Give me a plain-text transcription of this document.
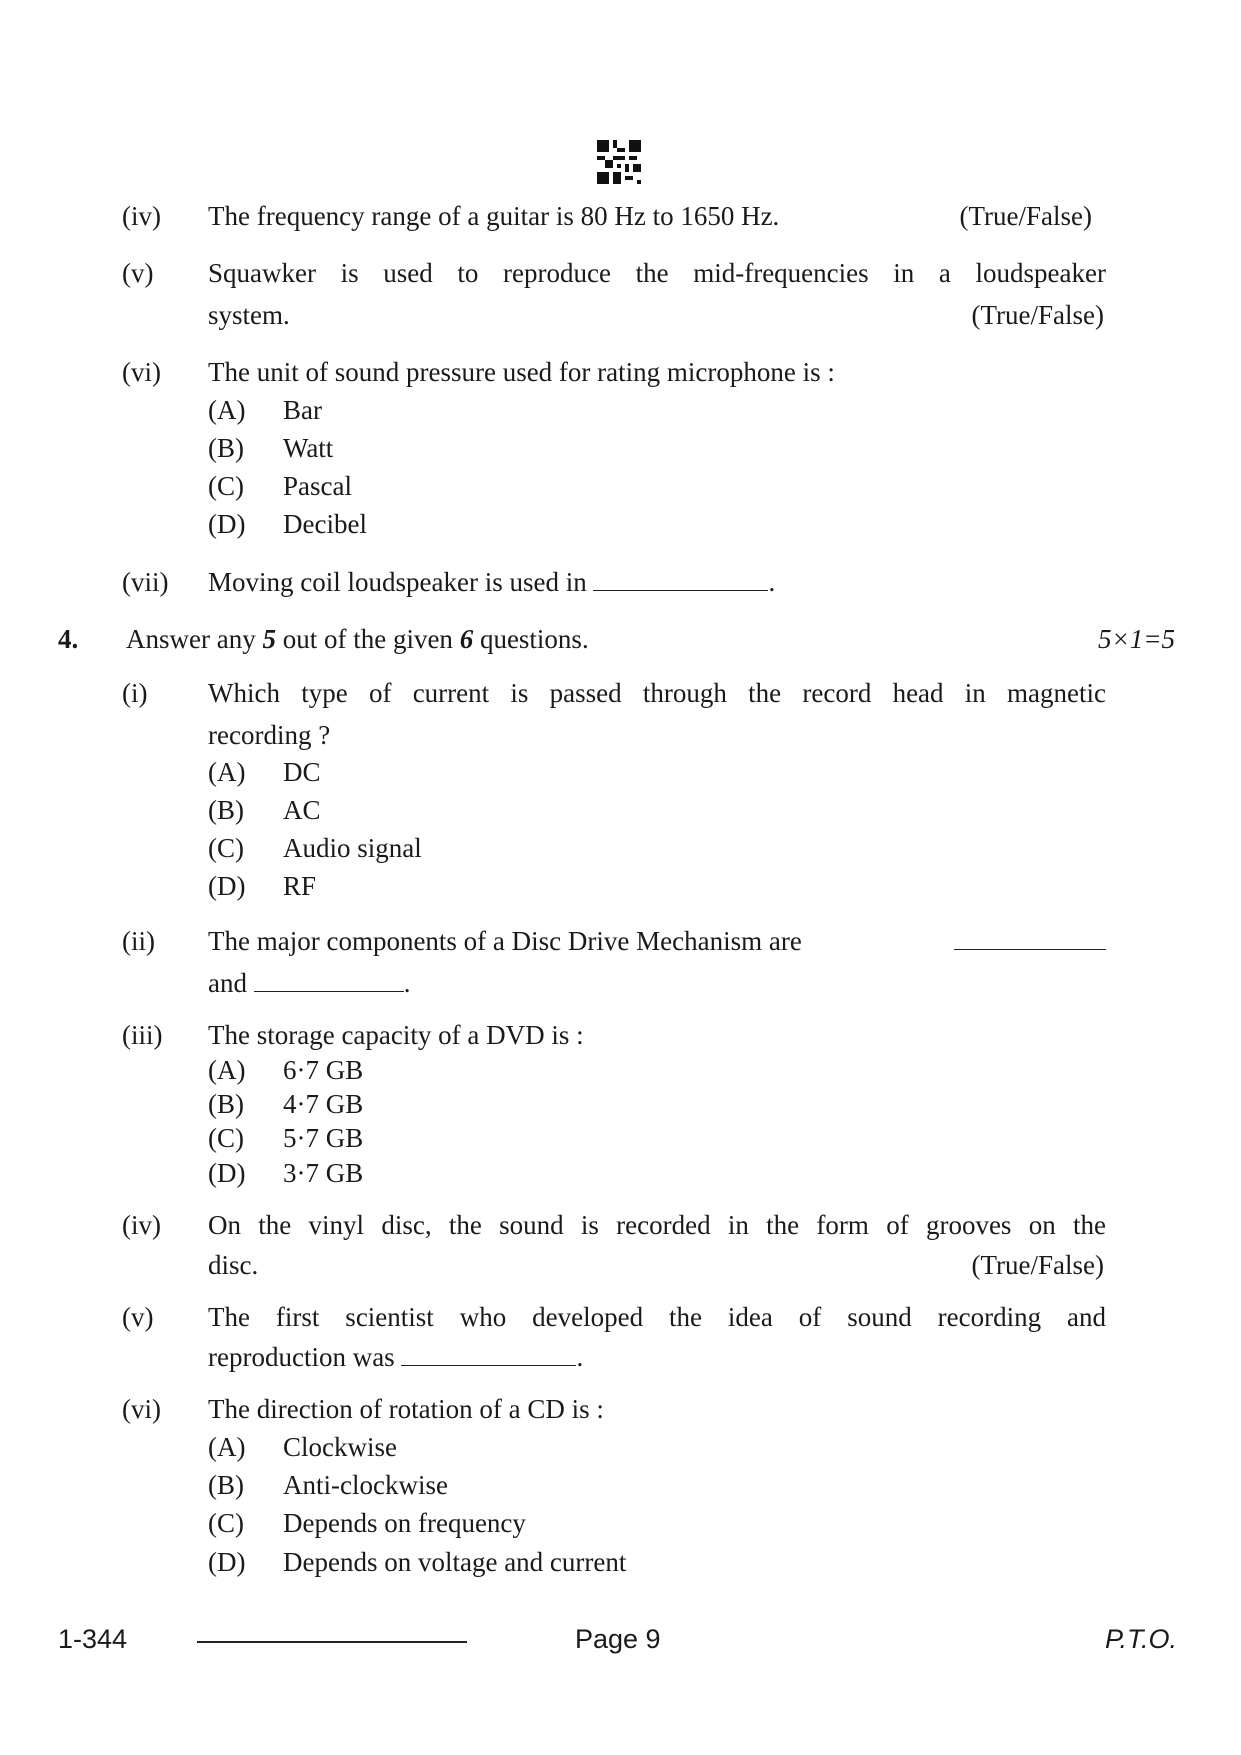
(iv) The frequency range of a guitar is 80 Hz to 1650 Hz.	(True/False)
(v) Squawker is used to reproduce the mid-frequencies in a loudspeaker
system.	(True/False)
(vi) The unit of sound pressure used for rating microphone is :
(A) Bar
(B) Watt
(C) Pascal
(D) Decibel
(vii) Moving coil loudspeaker is used in	.
4. Answer any 5 out of the given 6 questions.	5×1=5
(i) Which type of current is passed through the record head in magnetic
recording ?
(A) DC
(B) AC
(C) Audio signal
(D) RF
(ii) The major components of a Disc Drive Mechanism are
and	.
(iii) The storage capacity of a DVD is :
(A) 6·7 GB
(B) 4·7 GB
(C) 5·7 GB
(D) 3·7 GB
(iv) On the vinyl disc, the sound is recorded in the form of grooves on the
disc.	(True/False)
(v) The first scientist who developed the idea of sound recording and
reproduction was	.
(vi) The direction of rotation of a CD is :
(A) Clockwise
(B) Anti-clockwise
(C) Depends on frequency
(D) Depends on voltage and current
1-344	Page 9	P.T.O.
